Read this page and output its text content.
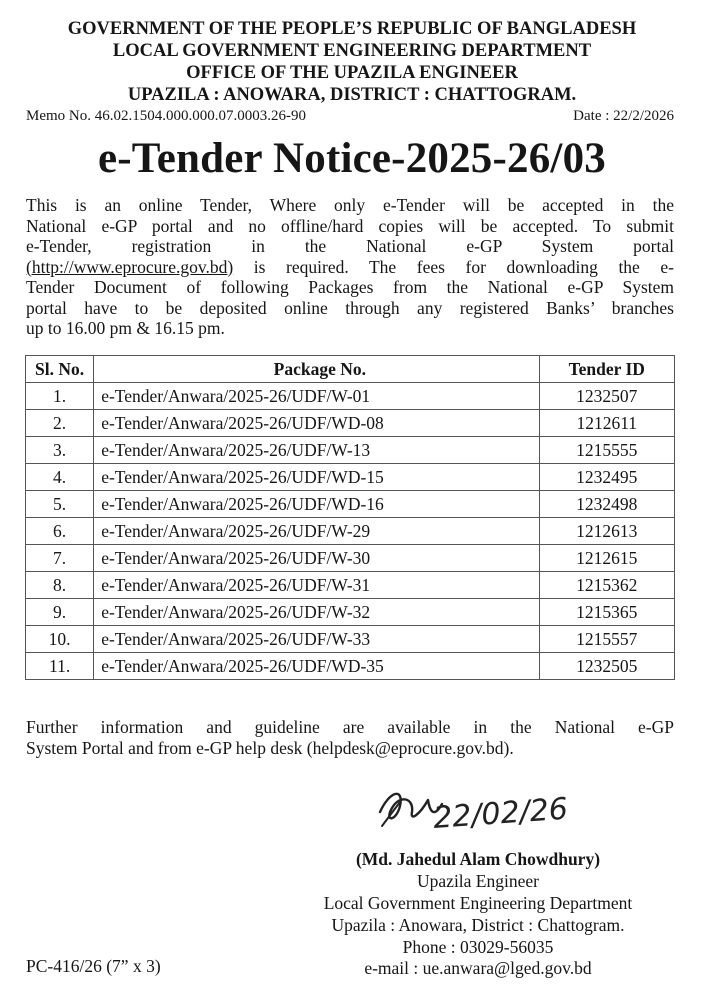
GOVERNMENT OF THE PEOPLE’S REPUBLIC OF BANGLADESH
LOCAL GOVERNMENT ENGINEERING DEPARTMENT
OFFICE OF THE UPAZILA ENGINEER
UPAZILA : ANOWARA, DISTRICT : CHATTOGRAM.
Memo No. 46.02.1504.000.000.07.0003.26-90	Date : 22/2/2026
e-Tender Notice-2025-26/03
This is an online Tender, Where only e-Tender will be accepted in the
National e-GP portal and no offline/hard copies will be accepted. To submit
e-Tender, registration in the National e-GP System portal
(http://www.eprocure.gov.bd) is required. The fees for downloading the e-
Tender Document of following Packages from the National e-GP System
portal have to be deposited online through any registered Banks’ branches
up to 16.00 pm & 16.15 pm.
Sl. No.	Package No.	Tender ID
1.	e-Tender/Anwara/2025-26/UDF/W-01	1232507
2.	e-Tender/Anwara/2025-26/UDF/WD-08	1212611
3.	e-Tender/Anwara/2025-26/UDF/W-13	1215555
4.	e-Tender/Anwara/2025-26/UDF/WD-15	1232495
5.	e-Tender/Anwara/2025-26/UDF/WD-16	1232498
6.	e-Tender/Anwara/2025-26/UDF/W-29	1212613
7.	e-Tender/Anwara/2025-26/UDF/W-30	1212615
8.	e-Tender/Anwara/2025-26/UDF/W-31	1215362
9.	e-Tender/Anwara/2025-26/UDF/W-32	1215365
10.	e-Tender/Anwara/2025-26/UDF/W-33	1215557
11.	e-Tender/Anwara/2025-26/UDF/WD-35	1232505
Further information and guideline are available in the National e-GP
System Portal and from e-GP help desk (helpdesk@eprocure.gov.bd).
22/02/26
(Md. Jahedul Alam Chowdhury)
Upazila Engineer
Local Government Engineering Department
Upazila : Anowara, District : Chattogram.
Phone : 03029-56035
e-mail : ue.anwara@lged.gov.bd
PC-416/26 (7” x 3)
